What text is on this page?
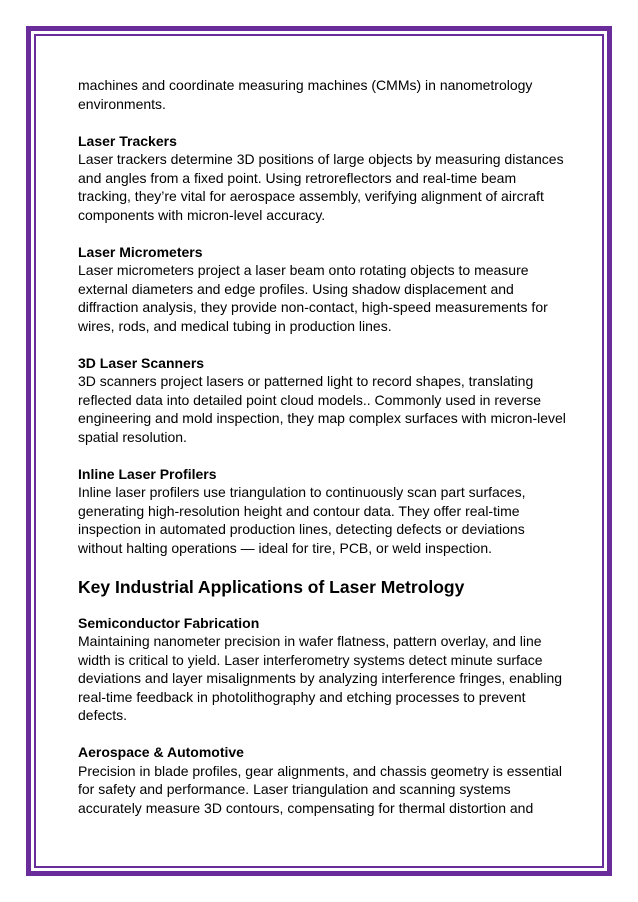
machines and coordinate measuring machines (CMMs) in nanometrology environments.

Laser Trackers

Laser trackers determine 3D positions of large objects by measuring distances and angles from a fixed point. Using retroreflectors and real-time beam tracking, they’re vital for aerospace assembly, verifying alignment of aircraft components with micron-level accuracy.

Laser Micrometers

Laser micrometers project a laser beam onto rotating objects to measure external diameters and edge profiles. Using shadow displacement and diffraction analysis, they provide non-contact, high-speed measurements for wires, rods, and medical tubing in production lines.

3D Laser Scanners

3D scanners project lasers or patterned light to record shapes, translating reflected data into detailed point cloud models.. Commonly used in reverse engineering and mold inspection, they map complex surfaces with micron-level spatial resolution.

Inline Laser Profilers

Inline laser profilers use triangulation to continuously scan part surfaces, generating high-resolution height and contour data. They offer real-time inspection in automated production lines, detecting defects or deviations without halting operations — ideal for tire, PCB, or weld inspection.

Key Industrial Applications of Laser Metrology

Semiconductor Fabrication

Maintaining nanometer precision in wafer flatness, pattern overlay, and line width is critical to yield. Laser interferometry systems detect minute surface deviations and layer misalignments by analyzing interference fringes, enabling real-time feedback in photolithography and etching processes to prevent defects.

Aerospace & Automotive

Precision in blade profiles, gear alignments, and chassis geometry is essential for safety and performance. Laser triangulation and scanning systems accurately measure 3D contours, compensating for thermal distortion and
